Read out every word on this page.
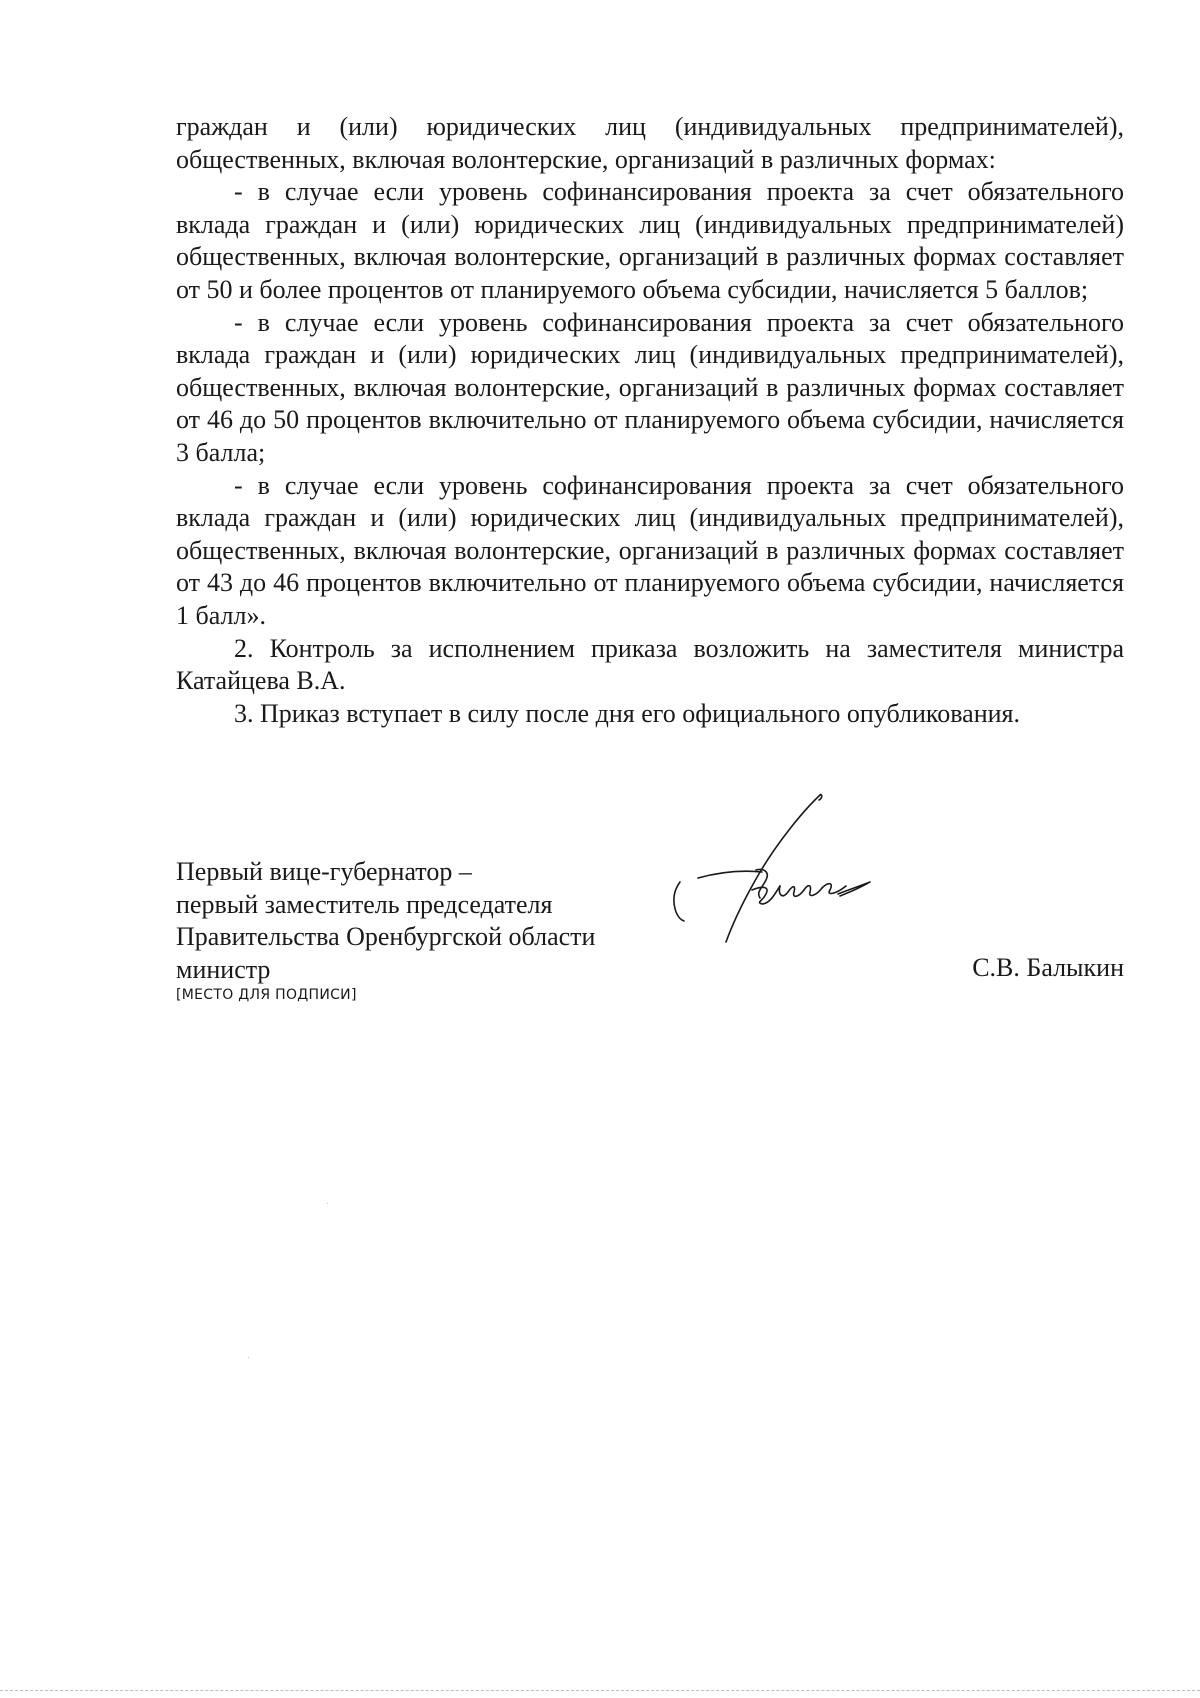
граждан и (или) юридических лиц (индивидуальных предпринимателей), общественных, включая волонтерские, организаций в различных формах:

- в случае если уровень софинансирования проекта за счет обязательного вклада граждан и (или) юридических лиц (индивидуальных предпринимателей) общественных, включая волонтерские, организаций в различных формах составляет от 50 и более процентов от планируемого объема субсидии, начисляется 5 баллов;

- в случае если уровень софинансирования проекта за счет обязательного вклада граждан и (или) юридических лиц (индивидуальных предпринимателей), общественных, включая волонтерские, организаций в различных формах составляет от 46 до 50 процентов включительно от планируемого объема субсидии, начисляется 3 балла;

- в случае если уровень софинансирования проекта за счет обязательного вклада граждан и (или) юридических лиц (индивидуальных предпринимателей), общественных, включая волонтерские, организаций в различных формах составляет от 43 до 46 процентов включительно от планируемого объема субсидии, начисляется 1 балл».

2. Контроль за исполнением приказа возложить на заместителя министра Катайцева В.А.

3. Приказ вступает в силу после дня его официального опубликования.

Первый вице-губернатор –
первый заместитель председателя
Правительства Оренбургской области
министр
[МЕСТО ДЛЯ ПОДПИСИ]
С.В. Балыкин
